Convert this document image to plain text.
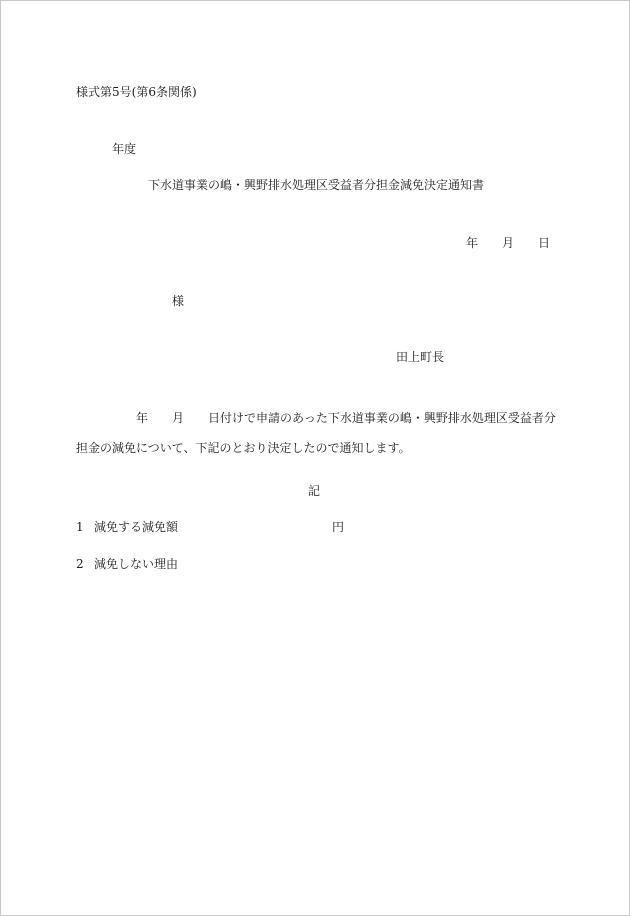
様式第5号(第6条関係)
年度
下水道事業の嶋・興野排水処理区受益者分担金減免決定通知書
年 月 日
様
田上町長
年 月 日付けで申請のあった下水道事業の嶋・興野排水処理区受益者分
担金の減免について、下記のとおり決定したので通知します。
記
1 減免する減免額	円
2 減免しない理由
